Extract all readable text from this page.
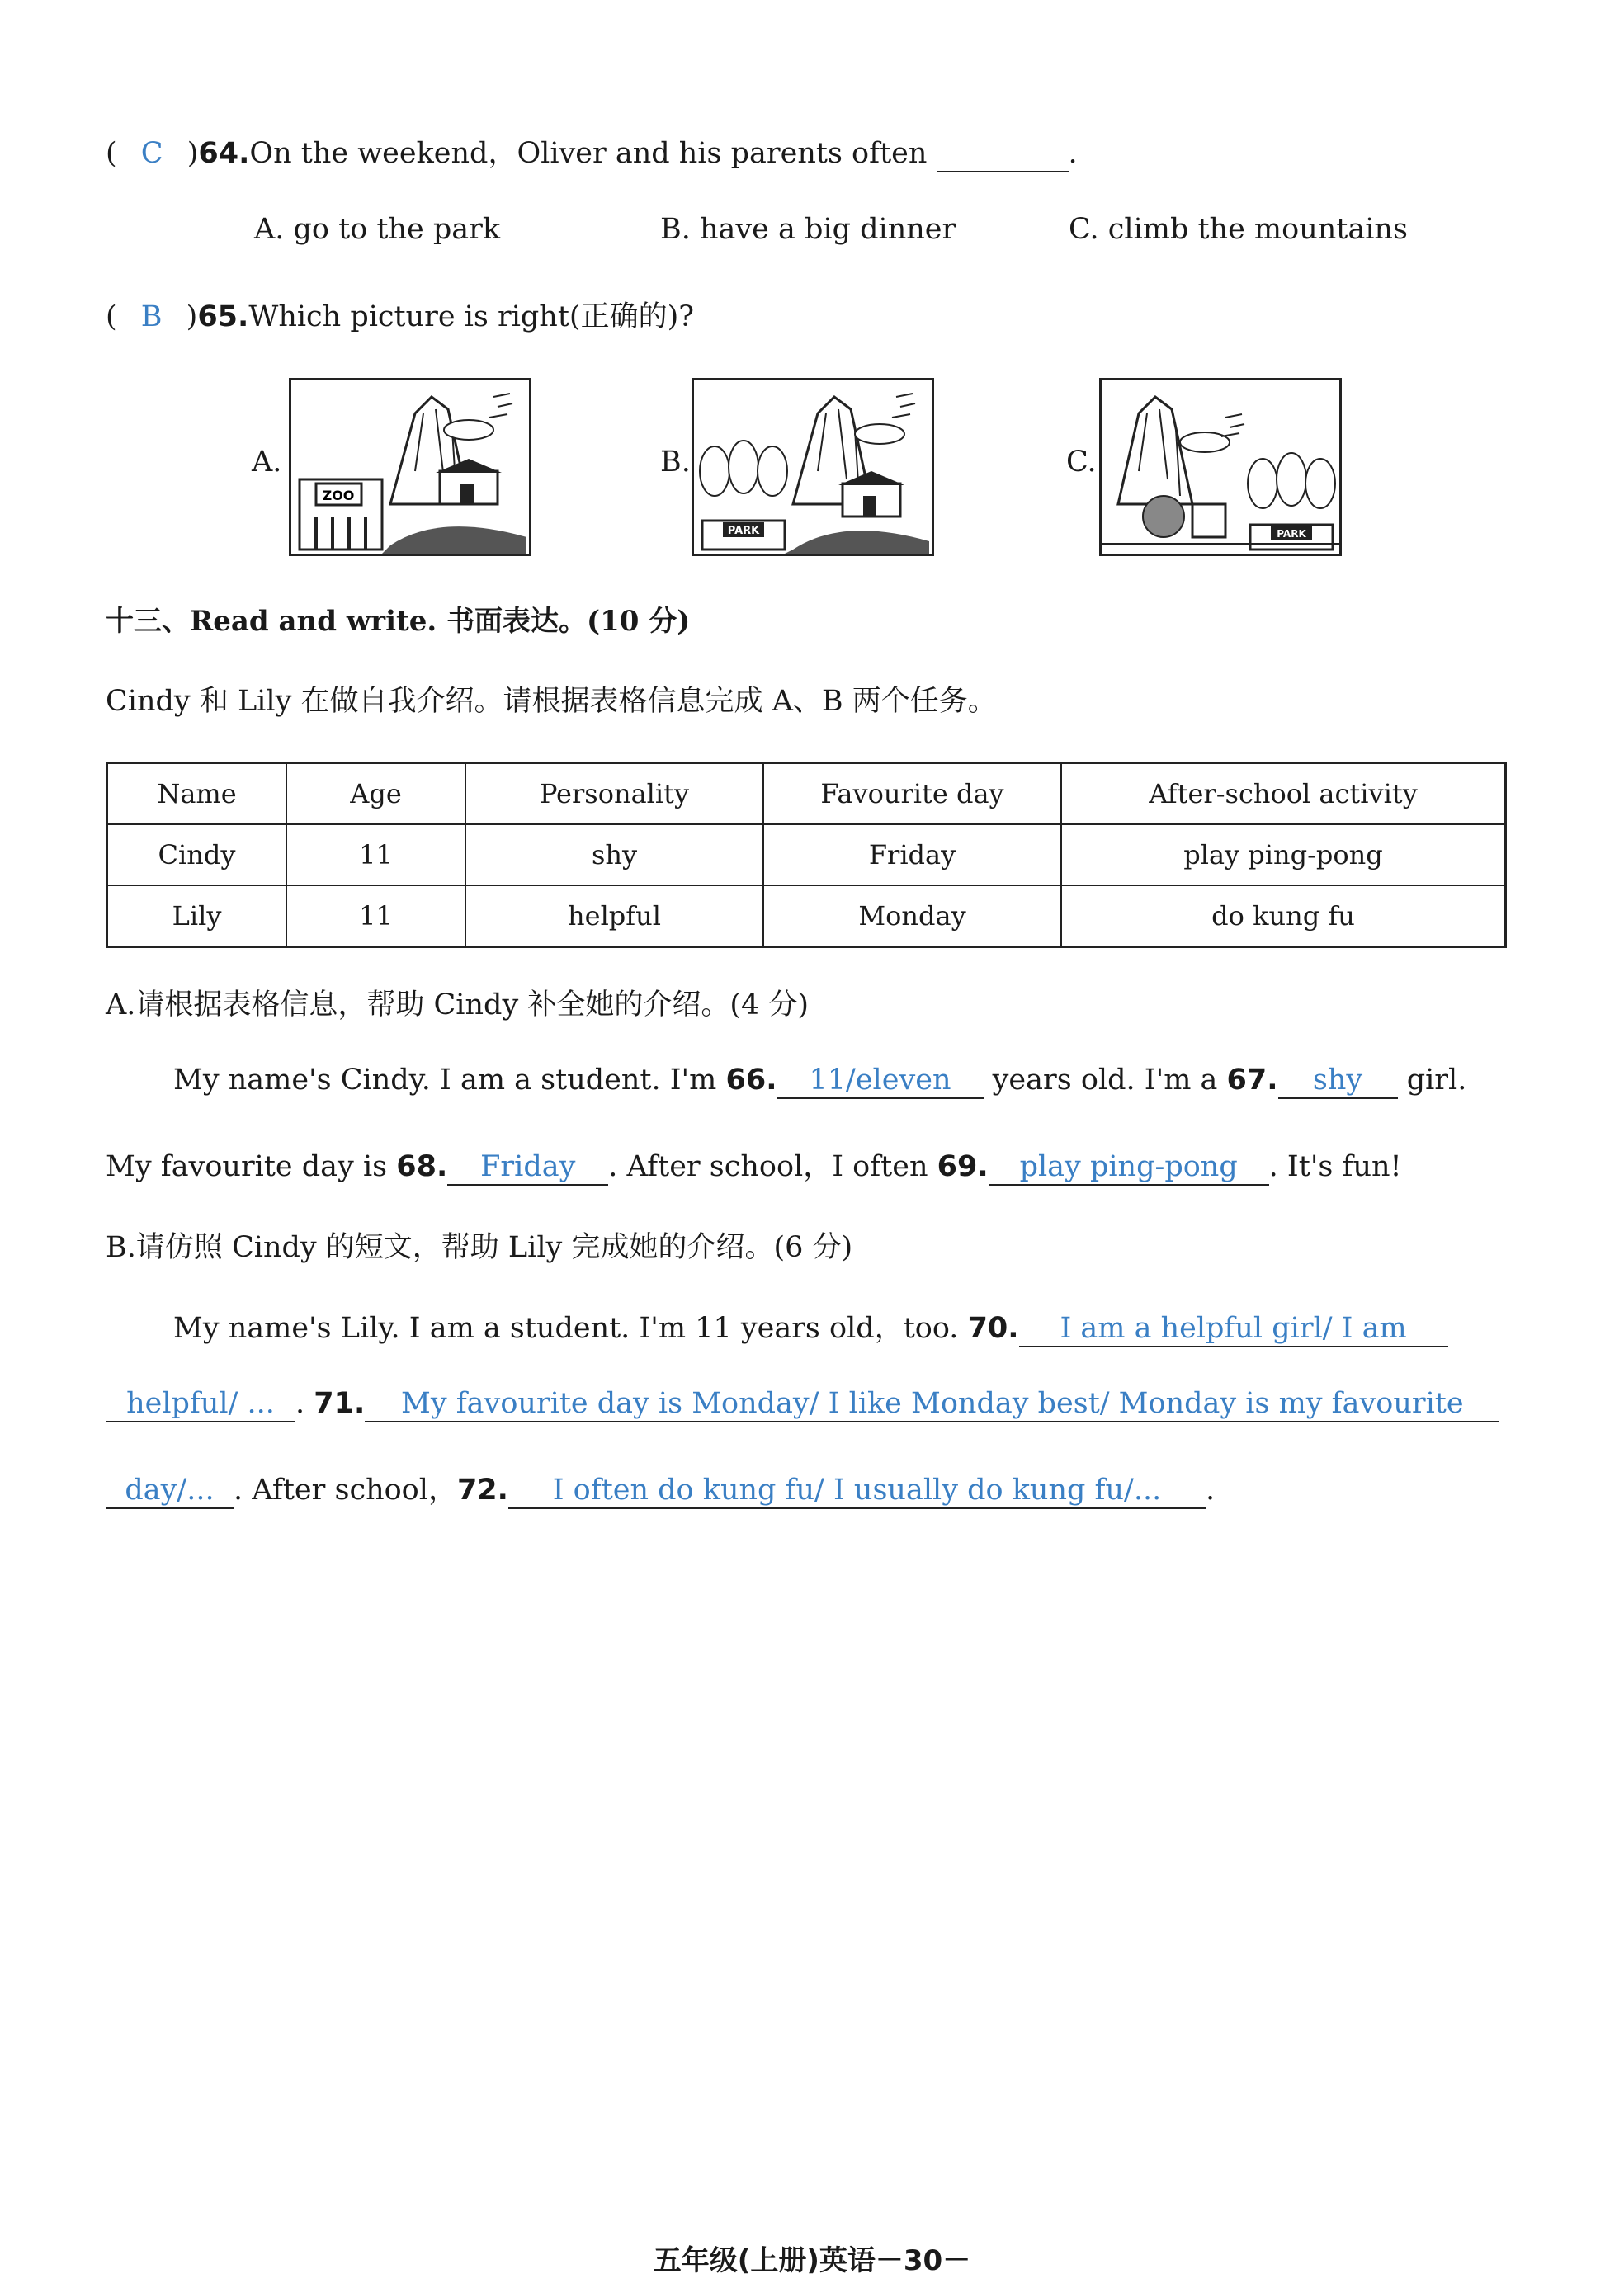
( C )64.On the weekend，Oliver and his parents often	.
A. go to the park	B. have a big dinner	C. climb the mountains
( B )65.Which picture is right(正确的)?
A.
ZOO
B.
PARK
C.
PARK
十三、Read and write. 书面表达。(10 分)
Cindy 和 Lily 在做自我介绍。请根据表格信息完成 A、B 两个任务。
Name	Age	Personality	Favourite day	After-school activity
Cindy	11	shy	Friday	play ping-pong
Lily	11	helpful	Monday	do kung fu
A.请根据表格信息，帮助 Cindy 补全她的介绍。(4 分)
My name's Cindy. I am a student. I'm 66. 11/eleven years old. I'm a 67. shy girl.
My favourite day is 68. Friday . After school，I often 69. play ping-pong . It's fun!
B.请仿照 Cindy 的短文，帮助 Lily 完成她的介绍。(6 分)
My name's Lily. I am a student. I'm 11 years old，too. 70. I am a helpful girl/ I am
helpful/ ... . 71. My favourite day is Monday/ I like Monday best/ Monday is my favourite
day/... . After school，72. I often do kung fu/ I usually do kung fu/... .
五年级(上册)英语－30－
